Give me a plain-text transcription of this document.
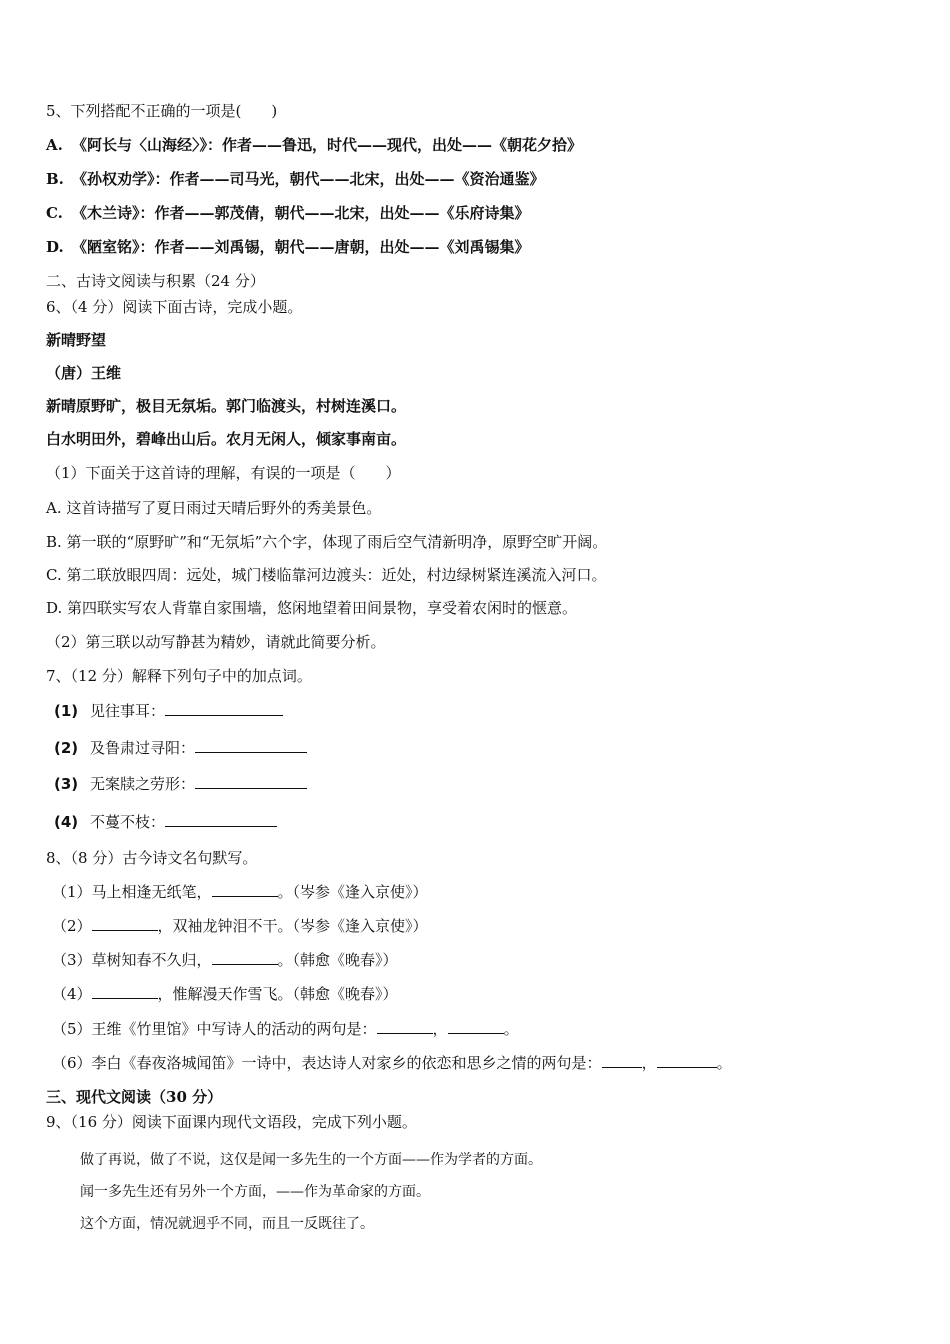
5、下列搭配不正确的一项是(　　)
A. 《阿长与〈山海经〉》：作者——鲁迅，时代——现代，出处——《朝花夕拾》
B. 《孙权劝学》：作者——司马光，朝代——北宋，出处——《资治通鉴》
C. 《木兰诗》：作者——郭茂倩，朝代——北宋，出处——《乐府诗集》
D. 《陋室铭》：作者——刘禹锡，朝代——唐朝，出处——《刘禹锡集》
二、古诗文阅读与积累（24 分）
6、（4 分）阅读下面古诗，完成小题。
新晴野望
（唐）王维
新晴原野旷，极目无氛垢。郭门临渡头，村树连溪口。
白水明田外，碧峰出山后。农月无闲人，倾家事南亩。
（1）下面关于这首诗的理解，有误的一项是（　　）
A. 这首诗描写了夏日雨过天晴后野外的秀美景色。
B. 第一联的“原野旷”和“无氛垢”六个字，体现了雨后空气清新明净，原野空旷开阔。
C. 第二联放眼四周：远处，城门楼临靠河边渡头：近处，村边绿树紧连溪流入河口。
D. 第四联实写农人背靠自家围墙，悠闲地望着田间景物，享受着农闲时的惬意。
（2）第三联以动写静甚为精妙，请就此简要分析。
7、（12 分）解释下列句子中的加点词。
(1) 见往事耳：
(2) 及鲁肃过寻阳：
(3) 无案牍之劳形：
(4) 不蔓不枝：
8、（8 分）古今诗文名句默写。
（1）马上相逢无纸笔，	。（岑参《逢入京使》）
（2）	，双袖龙钟泪不干。（岑参《逢入京使》）
（3）草树知春不久归，	。（韩愈《晚春》）
（4）	，惟解漫天作雪飞。（韩愈《晚春》）
（5）王维《竹里馆》中写诗人的活动的两句是：	，	。
（6）李白《春夜洛城闻笛》一诗中，表达诗人对家乡的依恋和思乡之情的两句是：	，	。
三、现代文阅读（30 分）
9、（16 分）阅读下面课内现代文语段，完成下列小题。
做了再说，做了不说，这仅是闻一多先生的一个方面——作为学者的方面。
闻一多先生还有另外一个方面，——作为革命家的方面。
这个方面，情况就迥乎不同，而且一反既往了。
